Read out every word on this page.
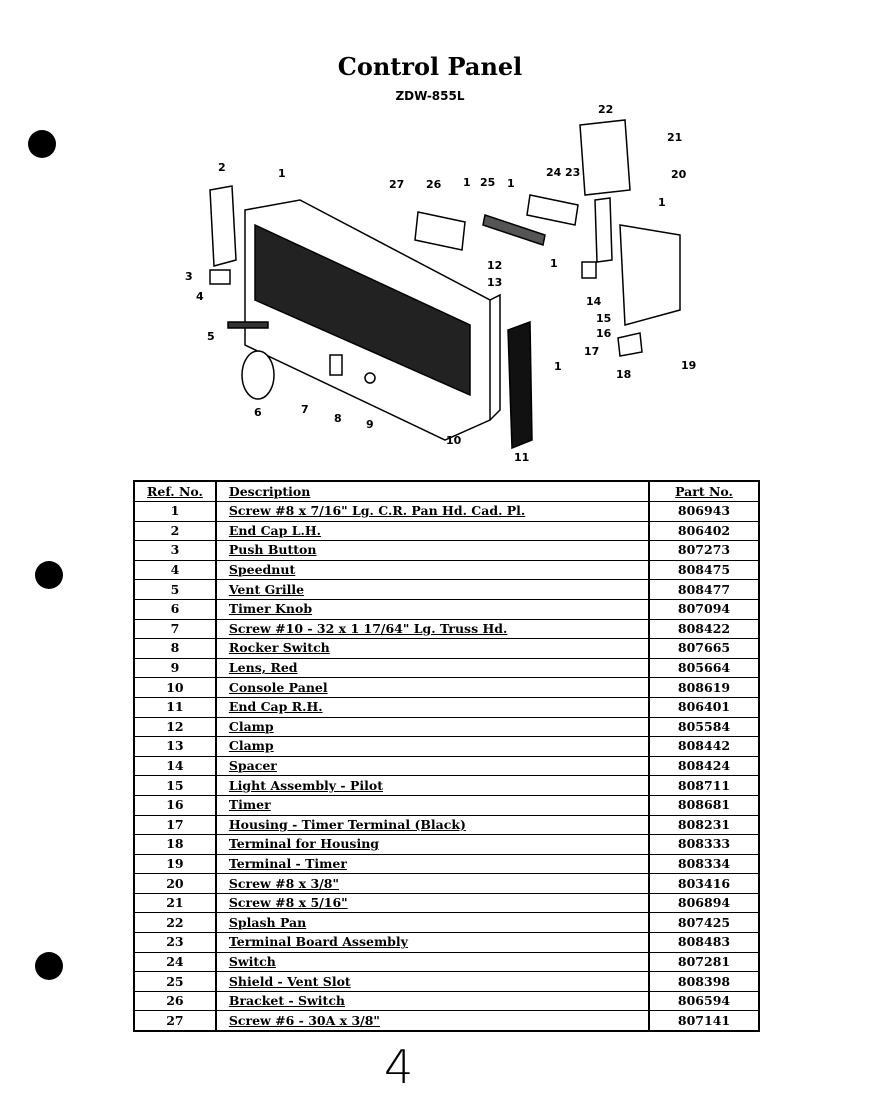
Control Panel
ZDW-855L
22
21
20
2	1
27 26 1 25 1
24 23
1
12	1
13
3
4
5
14
15
16
17
1
18
19
6	7
8 9
10
11
Ref. No.	Description	Part No.
1	Screw #8 x 7/16" Lg. C.R. Pan Hd. Cad. Pl.	806943
2	End Cap L.H.	806402
3	Push Button	807273
4	Speednut	808475
5	Vent Grille	808477
6	Timer Knob	807094
7	Screw #10 - 32 x 1 17/64" Lg. Truss Hd.	808422
8	Rocker Switch	807665
9	Lens, Red	805664
10	Console Panel	808619
11	End Cap R.H.	806401
12	Clamp	805584
13	Clamp	808442
14	Spacer	808424
15	Light Assembly - Pilot	808711
16	Timer	808681
17	Housing - Timer Terminal (Black)	808231
18	Terminal for Housing	808333
19	Terminal - Timer	808334
20	Screw #8 x 3/8"	803416
21	Screw #8 x 5/16"	806894
22	Splash Pan	807425
23	Terminal Board Assembly	808483
24	Switch	807281
25	Shield - Vent Slot	808398
26	Bracket - Switch	806594
27	Screw #6 - 30A x 3/8"	807141
4
